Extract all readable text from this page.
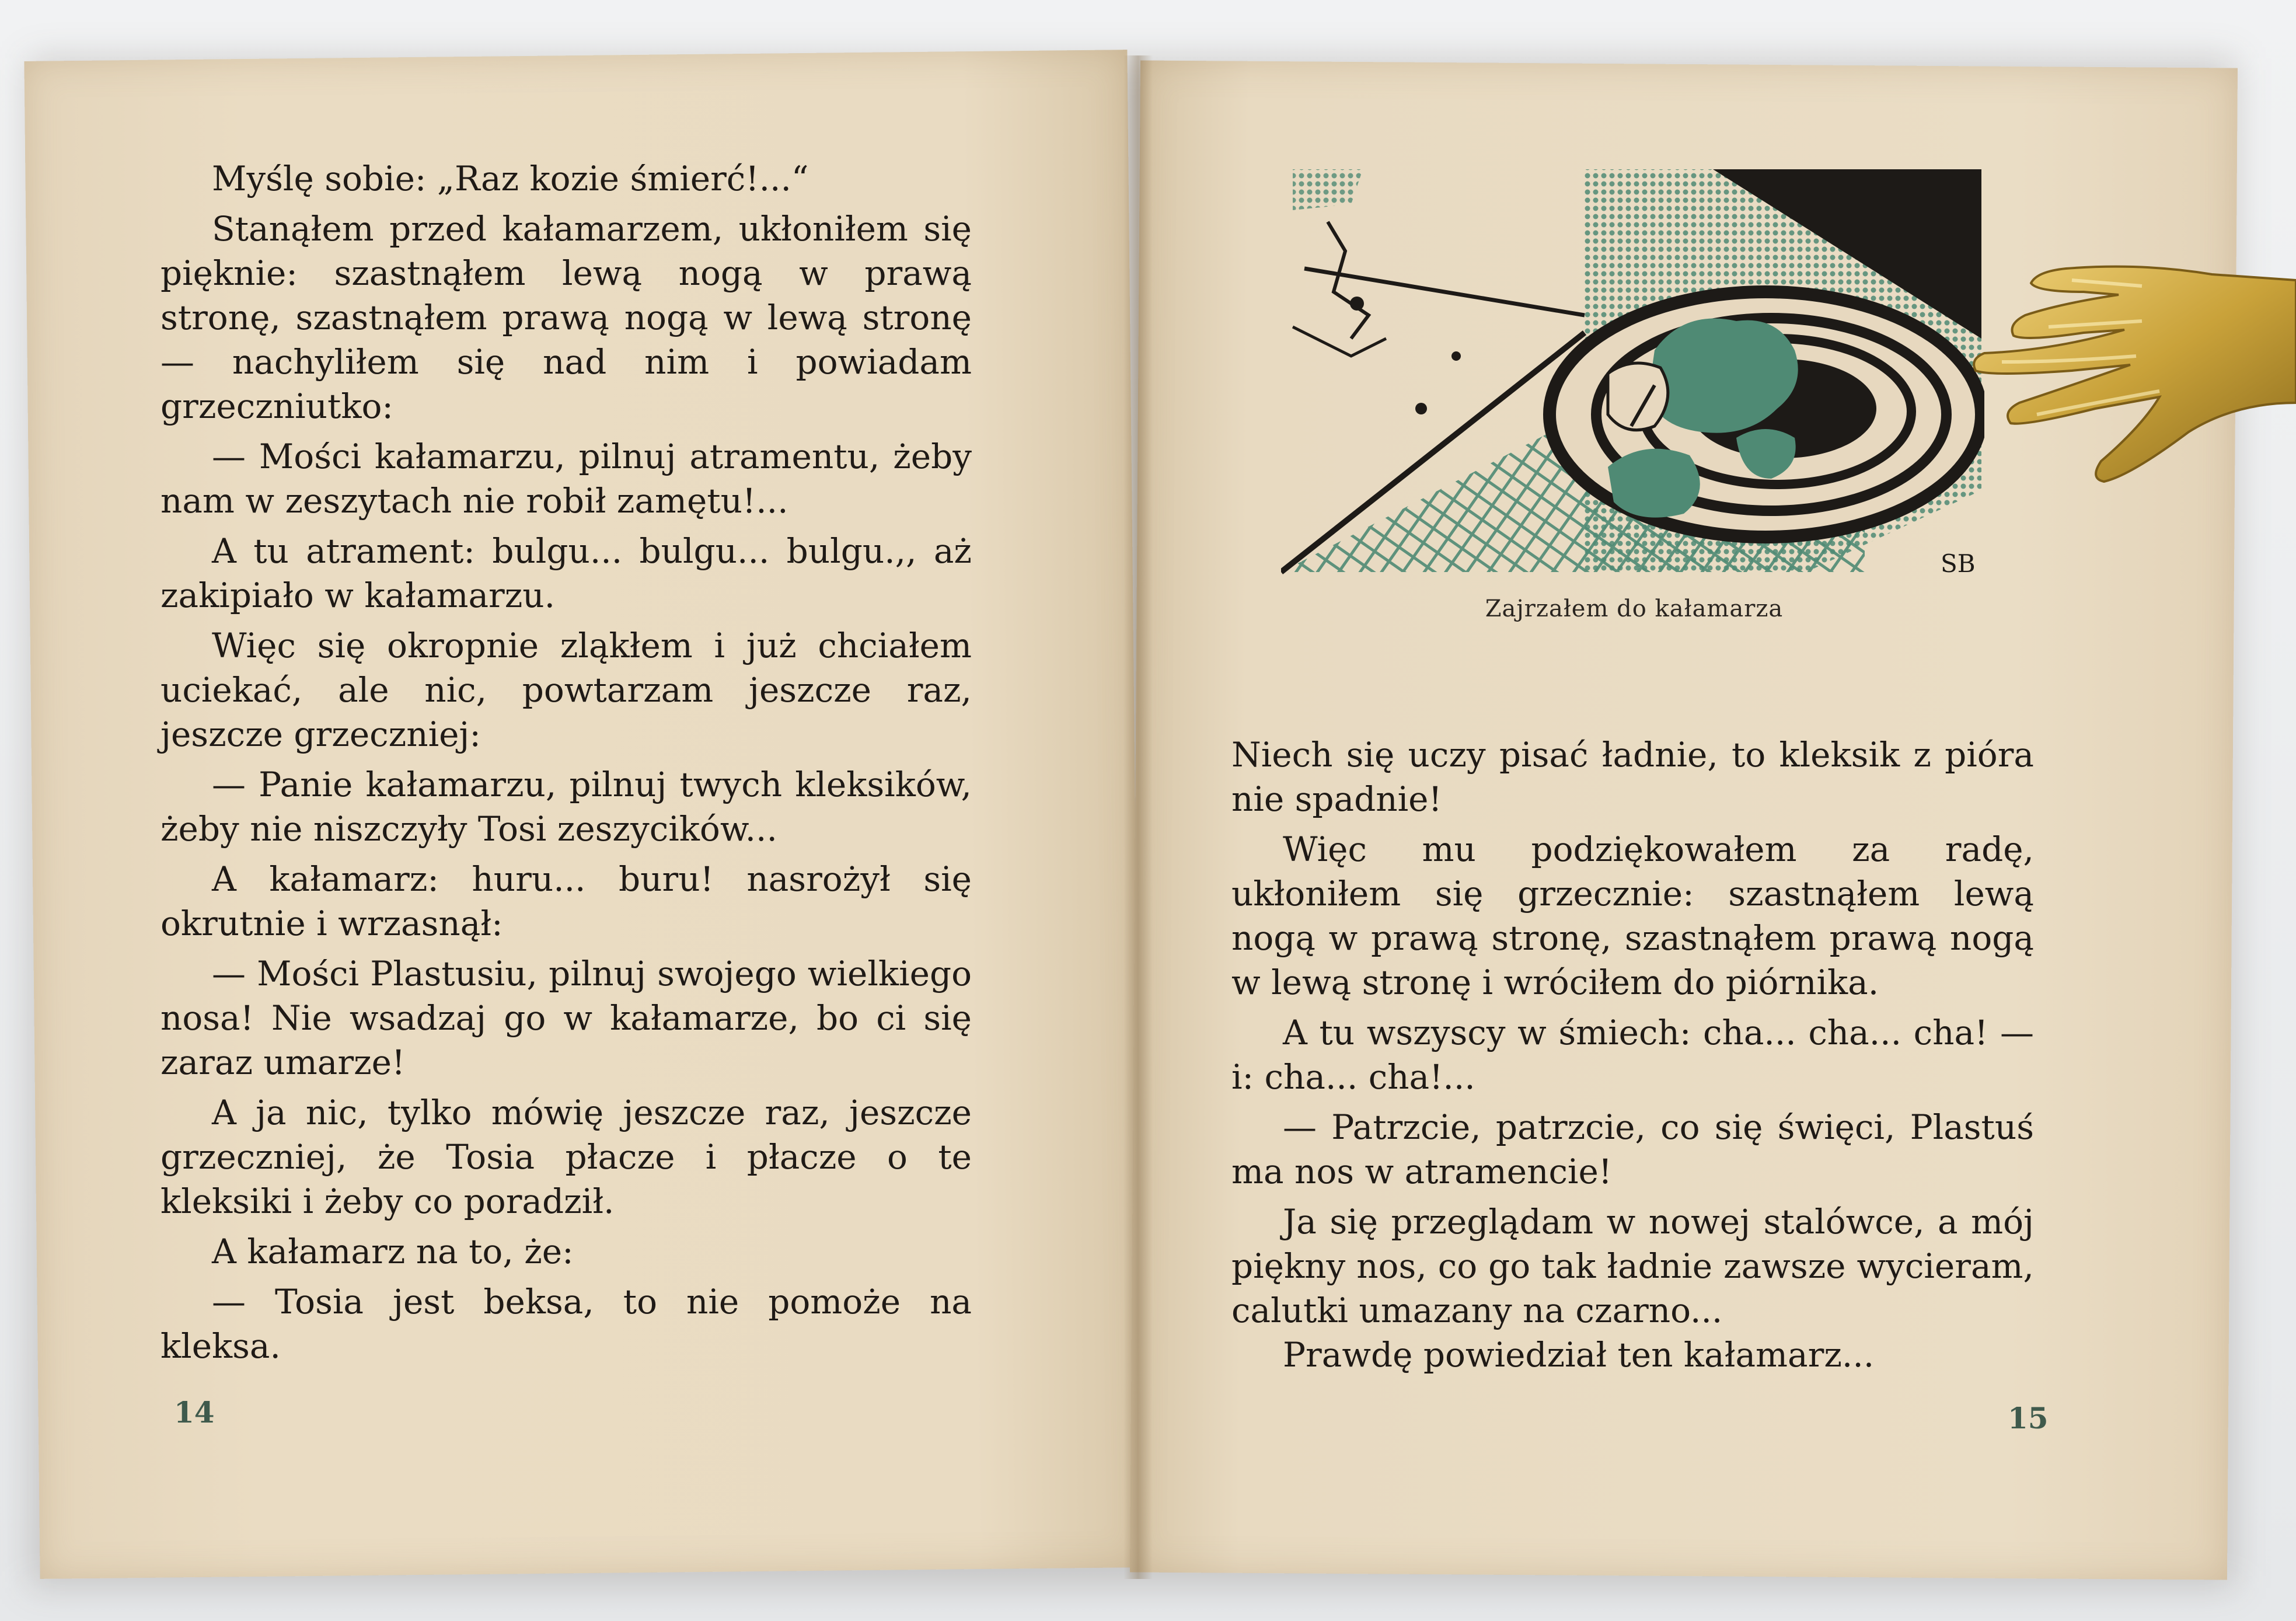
Myślę sobie: „Raz kozie śmierć!...“

Stanąłem przed kałamarzem, ukłoniłem się pięknie: szastnąłem lewą nogą w prawą stronę, szastnąłem prawą nogą w lewą stronę — nachyliłem się nad nim i powiadam grzeczniutko:

— Mości kałamarzu, pilnuj atramentu, żeby nam w zeszytach nie robił zamętu!...

A tu atrament: bulgu... bulgu... bulgu.,, aż zakipiało w kałamarzu.

Więc się okropnie zląkłem i już chciałem uciekać, ale nic, powtarzam jeszcze raz, jeszcze grzeczniej:

— Panie kałamarzu, pilnuj twych kleksików, żeby nie niszczyły Tosi zeszycików...

A kałamarz: huru... buru! nasrożył się okrutnie i wrzasnął:

— Mości Plastusiu, pilnuj swojego wielkiego nosa! Nie wsadzaj go w kałamarze, bo ci się zaraz umarze!

A ja nic, tylko mówię jeszcze raz, jeszcze grzeczniej, że Tosia płacze i płacze o te kleksiki i żeby co poradził.

A kałamarz na to, że:

— Tosia jest beksa, to nie pomoże na kleksa.

14
SB
Zajrzałem do kałamarza

Niech się uczy pisać ładnie, to kleksik z pióra nie spadnie!

Więc mu podziękowałem za radę, ukłoniłem się grzecznie: szastnąłem lewą nogą w prawą stronę, szastnąłem prawą nogą w lewą stronę i wróciłem do piórnika.

A tu wszyscy w śmiech: cha... cha... cha! — i: cha... cha!...

— Patrzcie, patrzcie, co się święci, Plastuś ma nos w atramencie!

Ja się przeglądam w nowej stalówce, a mój piękny nos, co go tak ładnie zawsze wycieram, calutki umazany na czarno...

Prawdę powiedział ten kałamarz...

15
